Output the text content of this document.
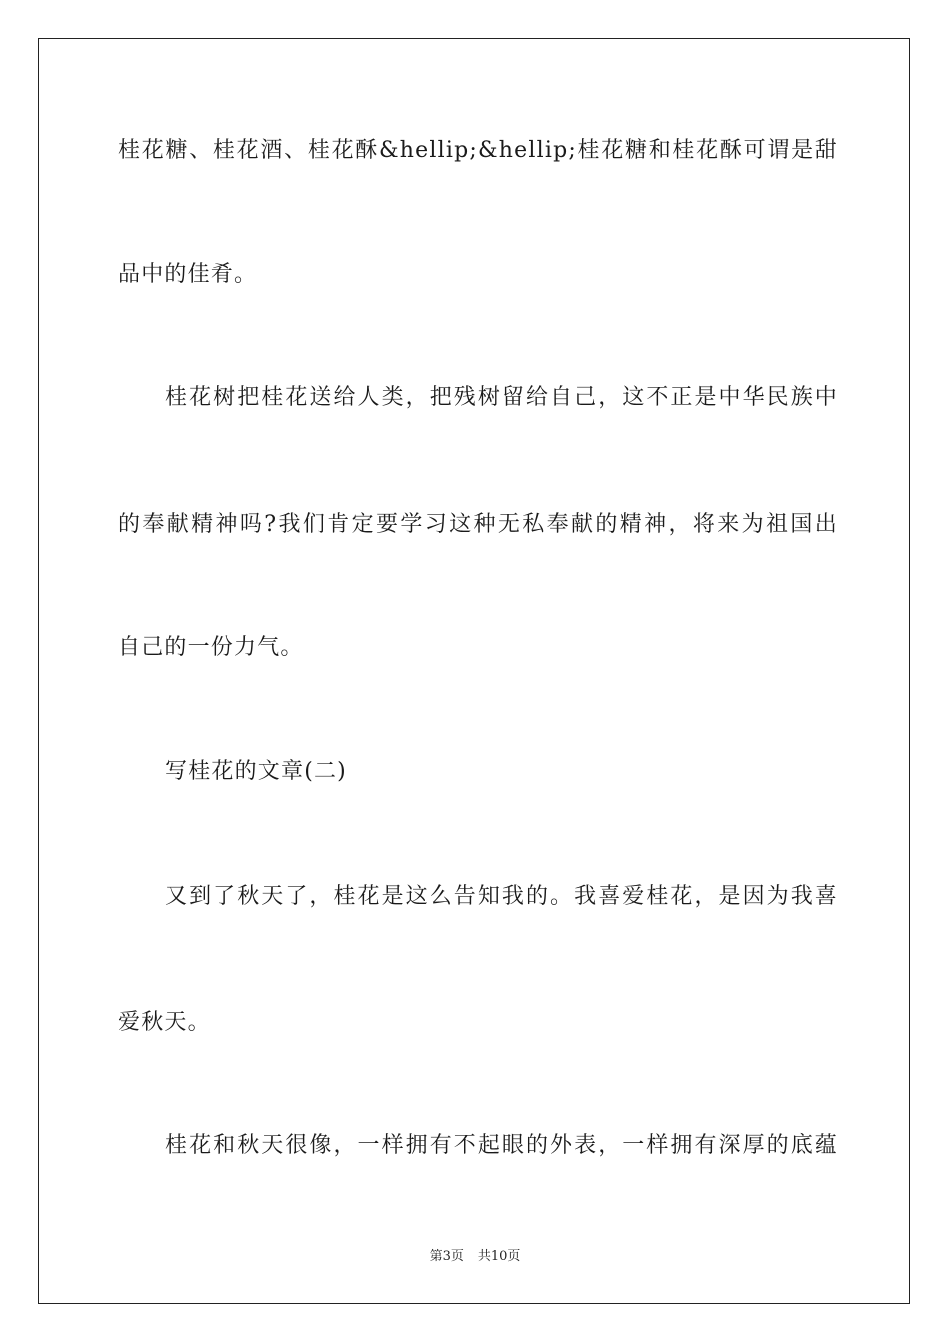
桂花糖、桂花酒、桂花酥&hellip;&hellip;桂花糖和桂花酥可谓是甜
品中的佳肴。
桂花树把桂花送给人类，把残树留给自己，这不正是中华民族中
的奉献精神吗?我们肯定要学习这种无私奉献的精神，将来为祖国出
自己的一份力气。
写桂花的文章(二)
又到了秋天了，桂花是这么告知我的。我喜爱桂花，是因为我喜
爱秋天。
桂花和秋天很像，一样拥有不起眼的外表，一样拥有深厚的底蕴
第3页 共10页
